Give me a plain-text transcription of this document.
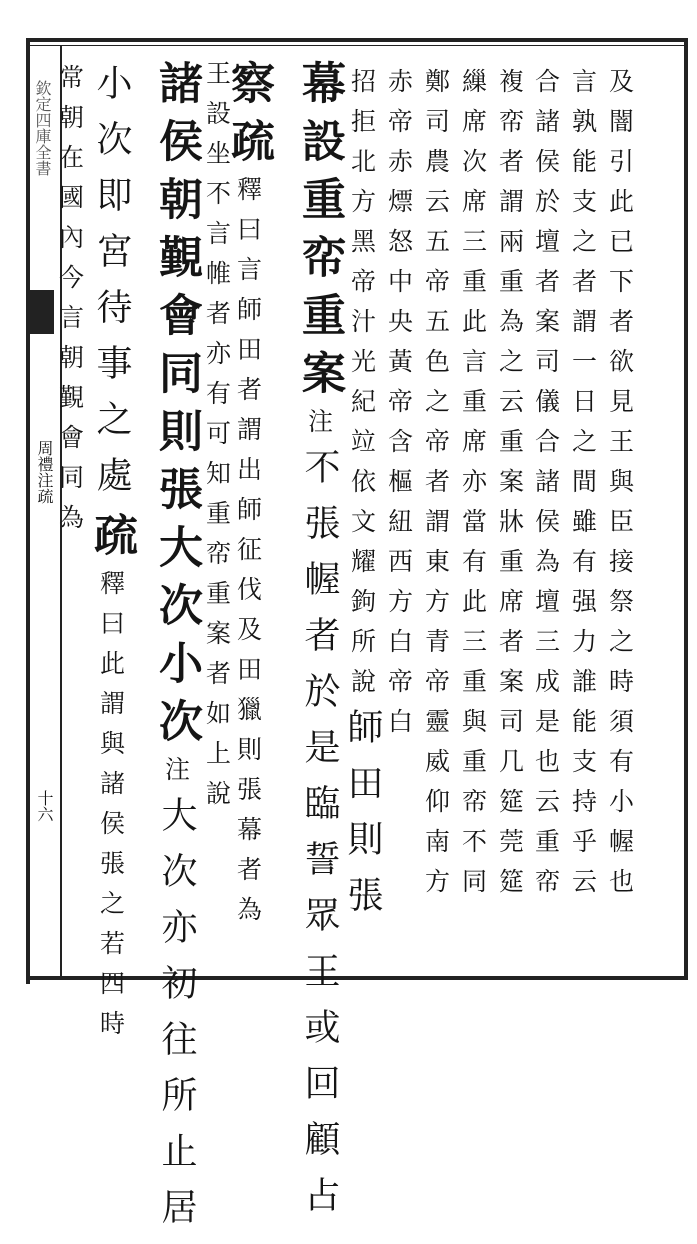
欽定四庫全書
周禮注疏
十六	及闇引此已下者欲見王與臣接祭之時須有小幄也
言孰能支之者謂一日之間雖有强力誰能支持乎云
合諸侯於壇者案司儀合諸侯為壇三成是也云重帟
複帟者謂兩重為之云重案牀重席者案司几筵莞筵
繅席次席三重此言重席亦當有此三重與重帟不同
鄭司農云五帝五色之帝者謂東方青帝靈威仰南方
赤帝赤熛怒中央黃帝含樞紐西方白帝白
招拒北方黑帝汁光紀竝依文耀鉤所說
師田則張
幕設重帟重案
注
不張幄者於是臨誓眾王或回顧占
察
疏
釋曰言師田者謂出師征伐及田獵則張幕者為
王設坐不言帷者亦有可知重帟重案者如上說
諸侯朝覲會同則張大次小次
注
大次亦初往所止居
小次即宮待事之處
疏
釋曰此謂與諸侯張之若四時
常朝在國內今言朝覲會同為
